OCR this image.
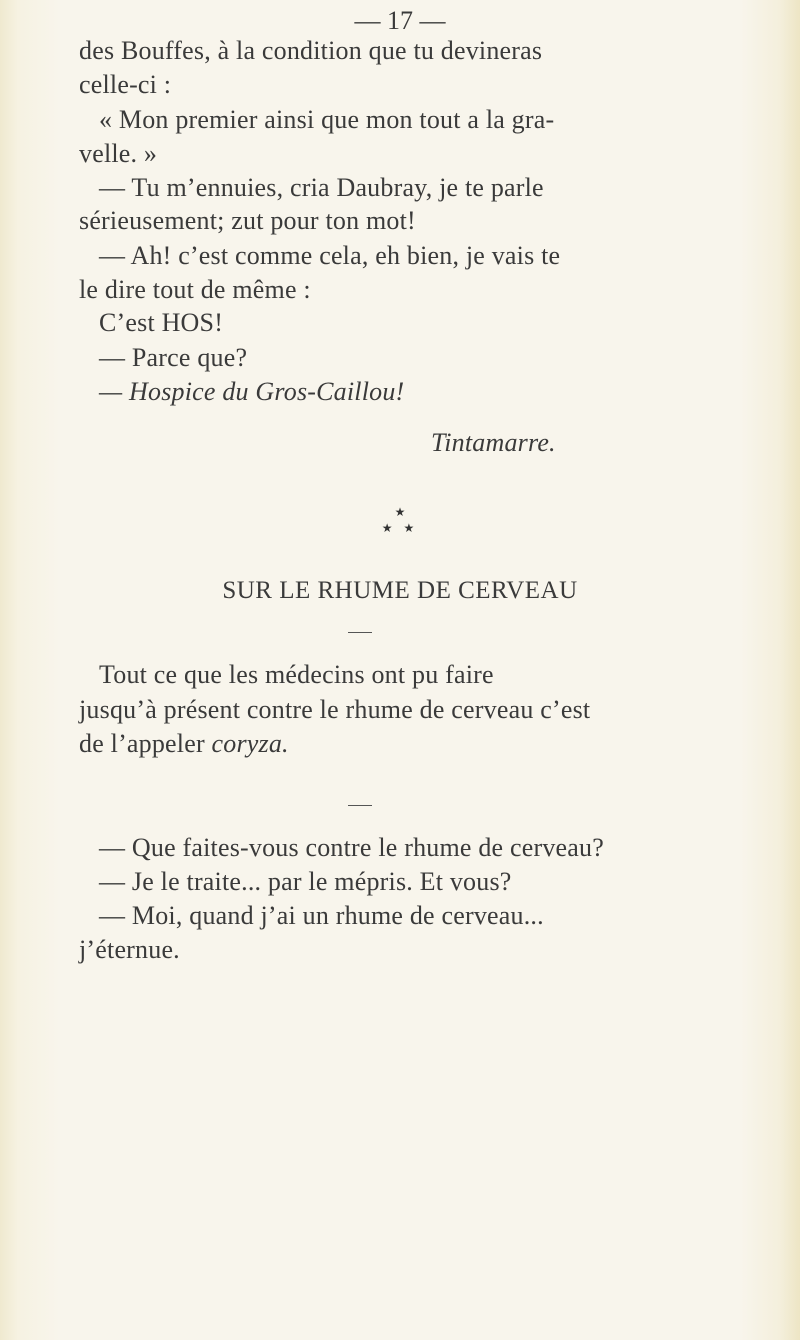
— 17 —
des Bouffes, à la condition que tu devineras
celle-ci :
« Mon premier ainsi que mon tout a la gra-
velle. »
— Tu m’ennuies, cria Daubray, je te parle
sérieusement; zut pour ton mot!
— Ah! c’est comme cela, eh bien, je vais te
le dire tout de même :
C’est HOS!
— Parce que?
— Hospice du Gros-Caillou!
Tintamarre.
★
★ ★
SUR LE RHUME DE CERVEAU
Tout ce que les médecins ont pu faire
jusqu’à présent contre le rhume de cerveau c’est
de l’appeler coryza.
— Que faites-vous contre le rhume de cerveau?
— Je le traite... par le mépris. Et vous?
— Moi, quand j’ai un rhume de cerveau...
j’éternue.
